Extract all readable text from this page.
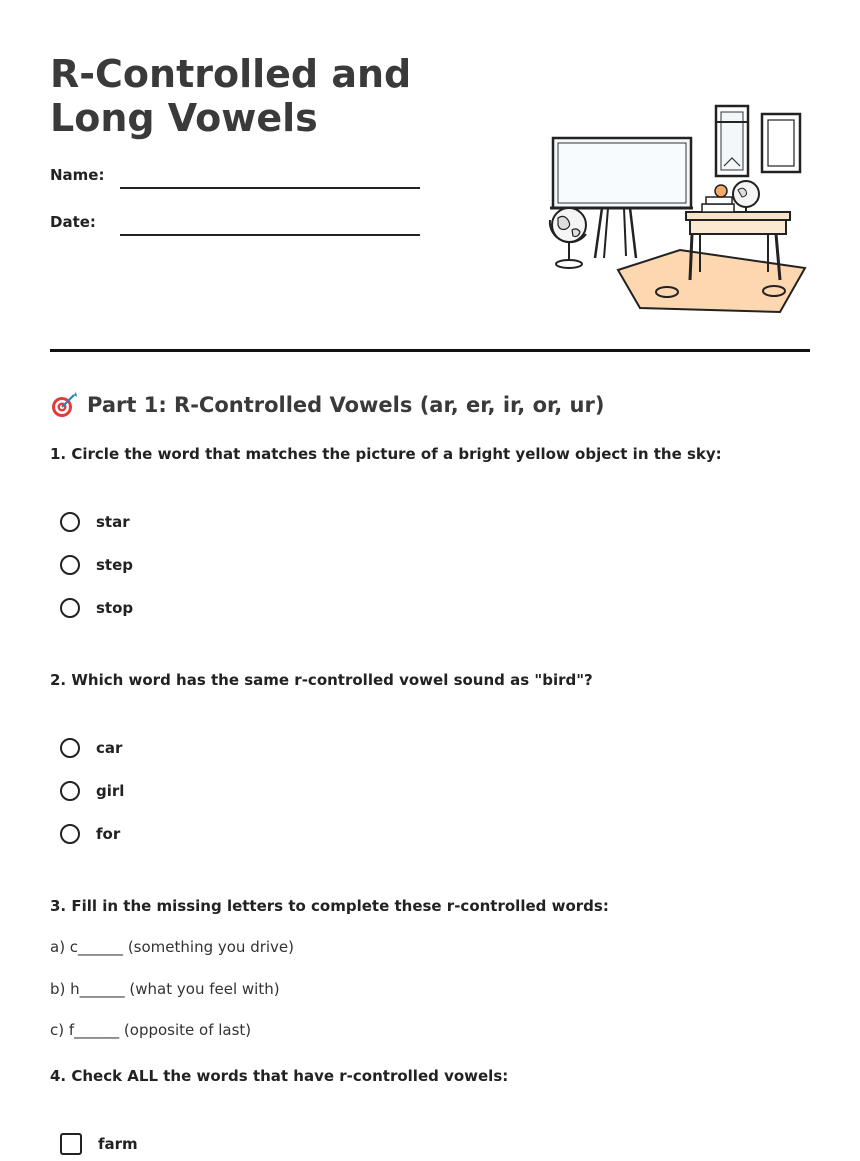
R-Controlled and Long Vowels
Name:
Date:
Part 1: R-Controlled Vowels (ar, er, ir, or, ur)
1. Circle the word that matches the picture of a bright yellow object in the sky:
star
step
stop
2. Which word has the same r-controlled vowel sound as "bird"?
car
girl
for
3. Fill in the missing letters to complete these r-controlled words:
a) c______ (something you drive)
b) h______ (what you feel with)
c) f______ (opposite of last)
4. Check ALL the words that have r-controlled vowels:
farm
